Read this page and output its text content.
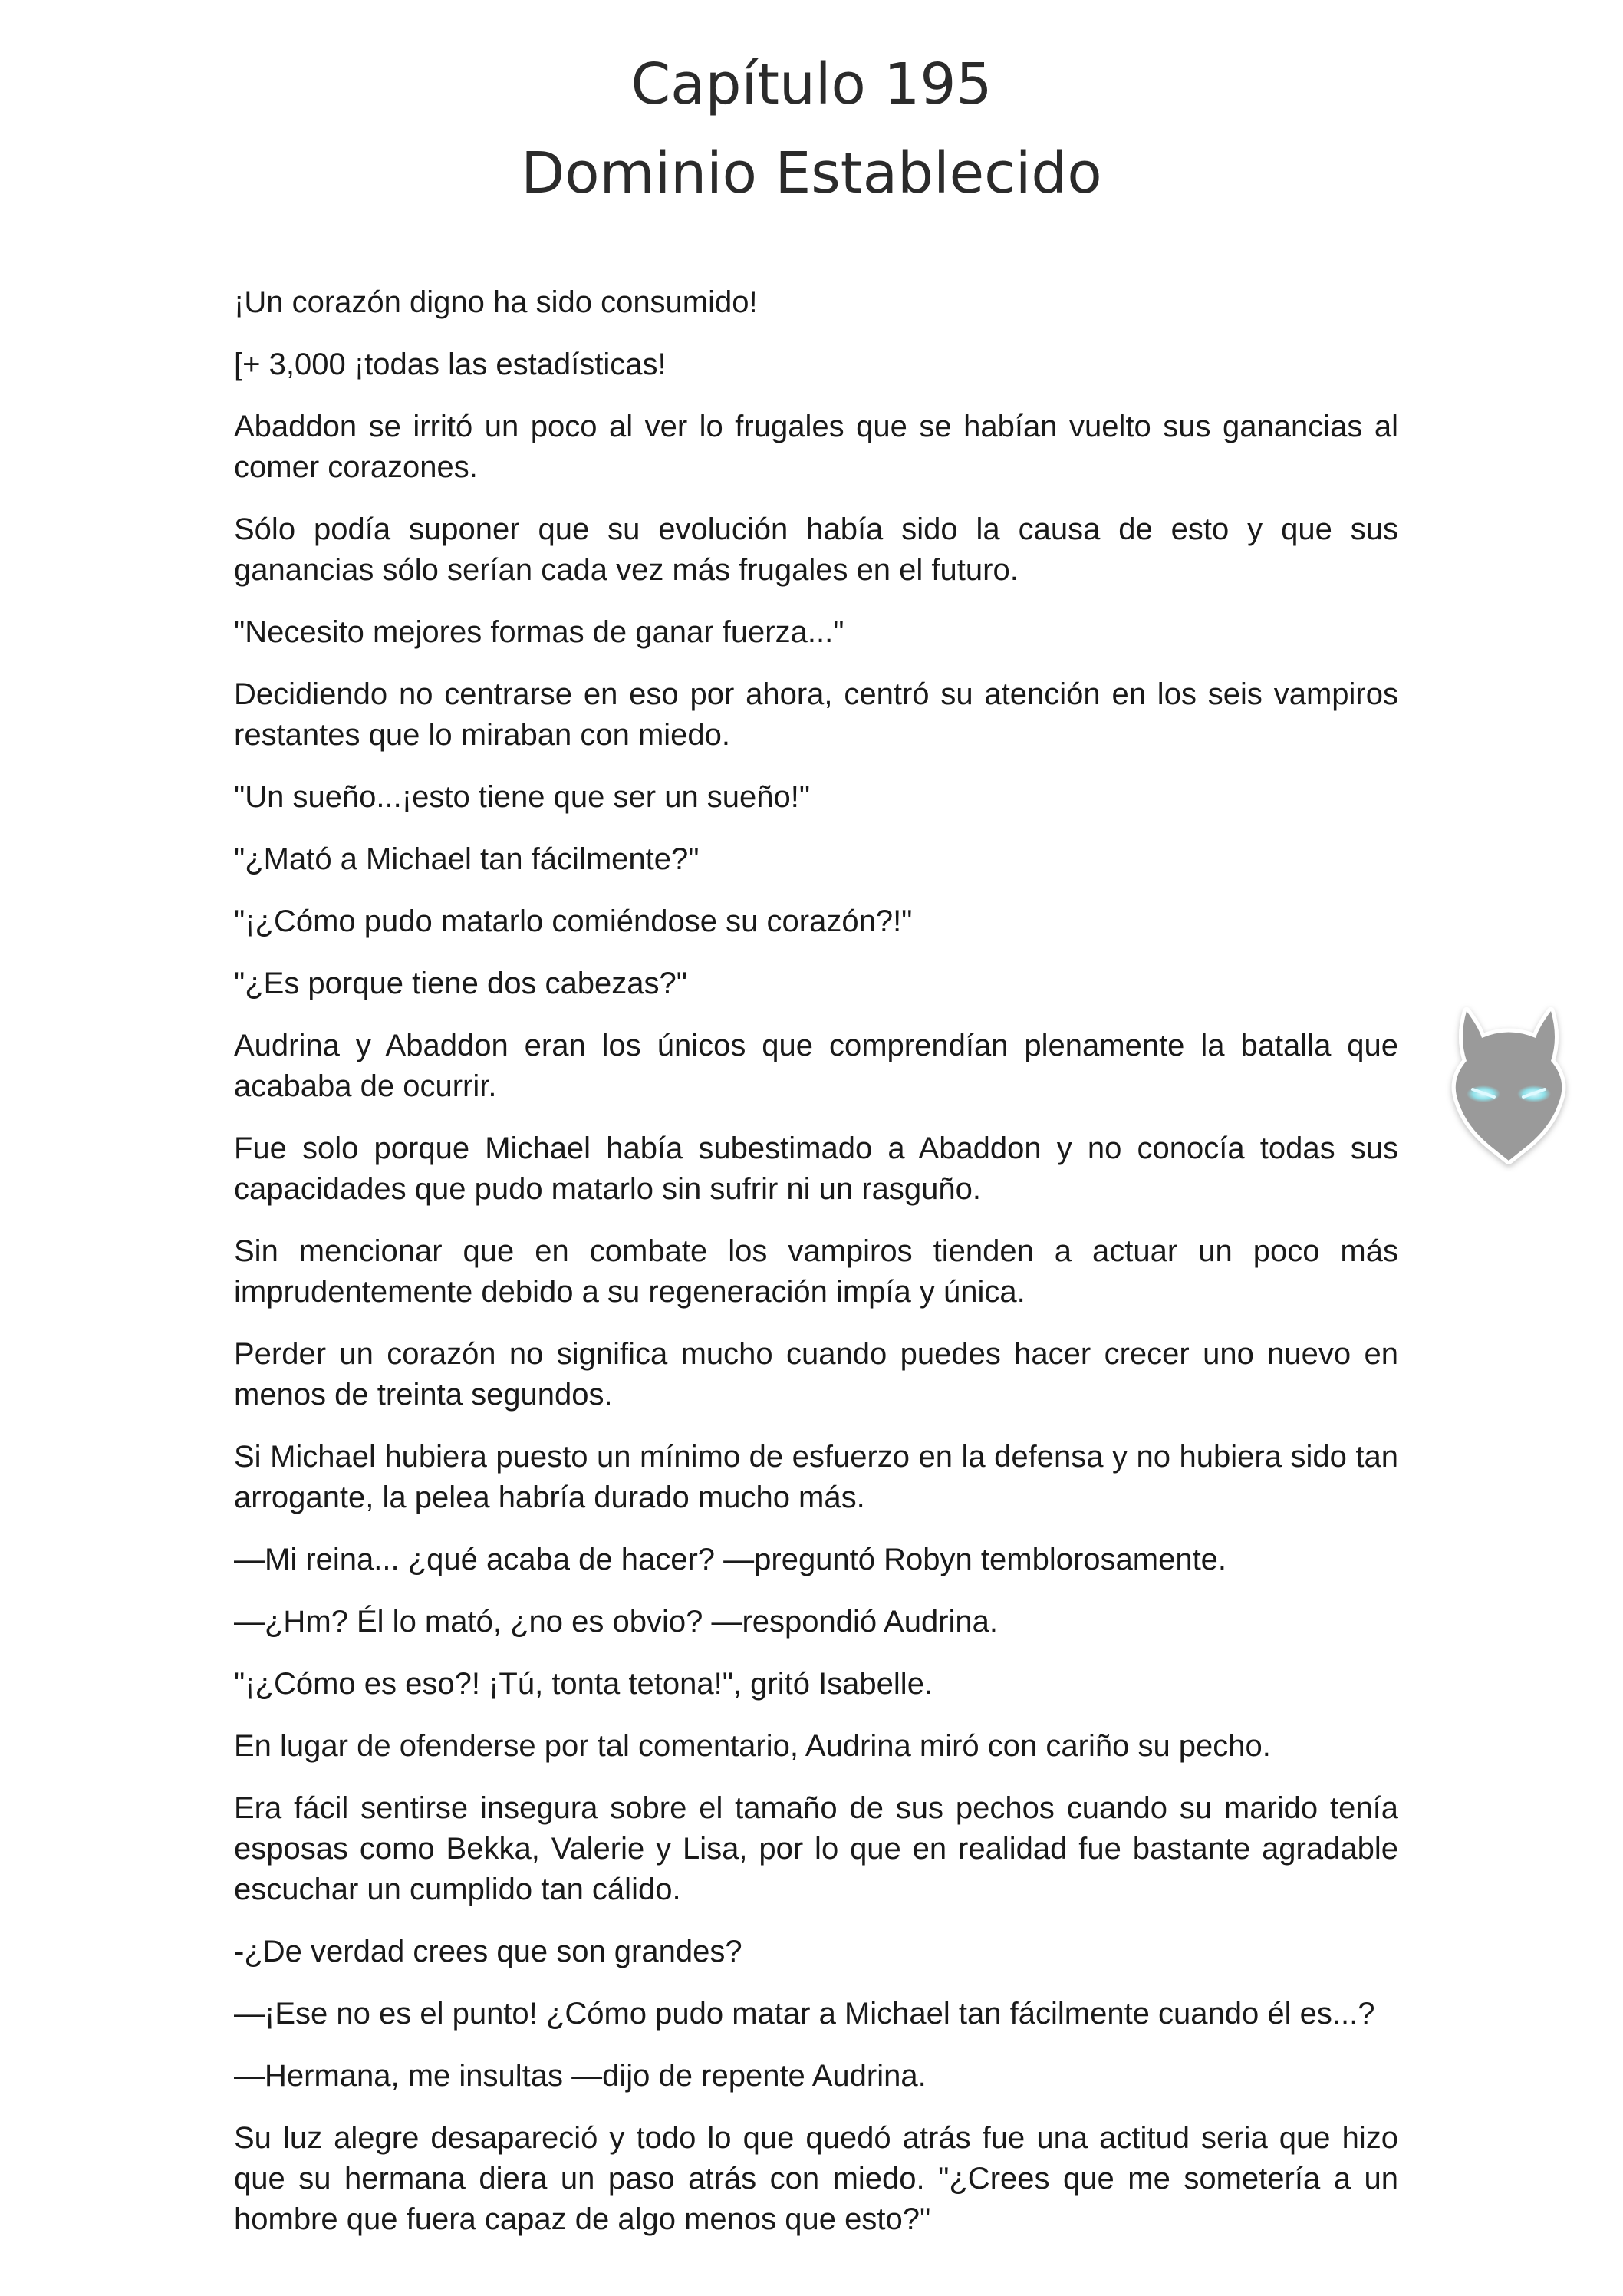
Capítulo 195
Dominio Establecido

¡Un corazón digno ha sido consumido!

[+ 3,000 ¡todas las estadísticas!

Abaddon se irritó un poco al ver lo frugales que se habían vuelto sus ganancias al comer corazones.

Sólo podía suponer que su evolución había sido la causa de esto y que sus ganancias sólo serían cada vez más frugales en el futuro.

"Necesito mejores formas de ganar fuerza..."

Decidiendo no centrarse en eso por ahora, centró su atención en los seis vampiros restantes que lo miraban con miedo.

"Un sueño...¡esto tiene que ser un sueño!"

"¿Mató a Michael tan fácilmente?"

"¡¿Cómo pudo matarlo comiéndose su corazón?!"

"¿Es porque tiene dos cabezas?"

Audrina y Abaddon eran los únicos que comprendían plenamente la batalla que acababa de ocurrir.

Fue solo porque Michael había subestimado a Abaddon y no conocía todas sus capacidades que pudo matarlo sin sufrir ni un rasguño.

Sin mencionar que en combate los vampiros tienden a actuar un poco más imprudentemente debido a su regeneración impía y única.

Perder un corazón no significa mucho cuando puedes hacer crecer uno nuevo en menos de treinta segundos.

Si Michael hubiera puesto un mínimo de esfuerzo en la defensa y no hubiera sido tan arrogante, la pelea habría durado mucho más.

—Mi reina... ¿qué acaba de hacer? —preguntó Robyn temblorosamente.

—¿Hm? Él lo mató, ¿no es obvio? —respondió Audrina.

"¡¿Cómo es eso?! ¡Tú, tonta tetona!", gritó Isabelle.

En lugar de ofenderse por tal comentario, Audrina miró con cariño su pecho.

Era fácil sentirse insegura sobre el tamaño de sus pechos cuando su marido tenía esposas como Bekka, Valerie y Lisa, por lo que en realidad fue bastante agradable escuchar un cumplido tan cálido.

-¿De verdad crees que son grandes?

—¡Ese no es el punto! ¿Cómo pudo matar a Michael tan fácilmente cuando él es...?

—Hermana, me insultas —dijo de repente Audrina.

Su luz alegre desapareció y todo lo que quedó atrás fue una actitud seria que hizo que su hermana diera un paso atrás con miedo. "¿Crees que me sometería a un hombre que fuera capaz de algo menos que esto?"
